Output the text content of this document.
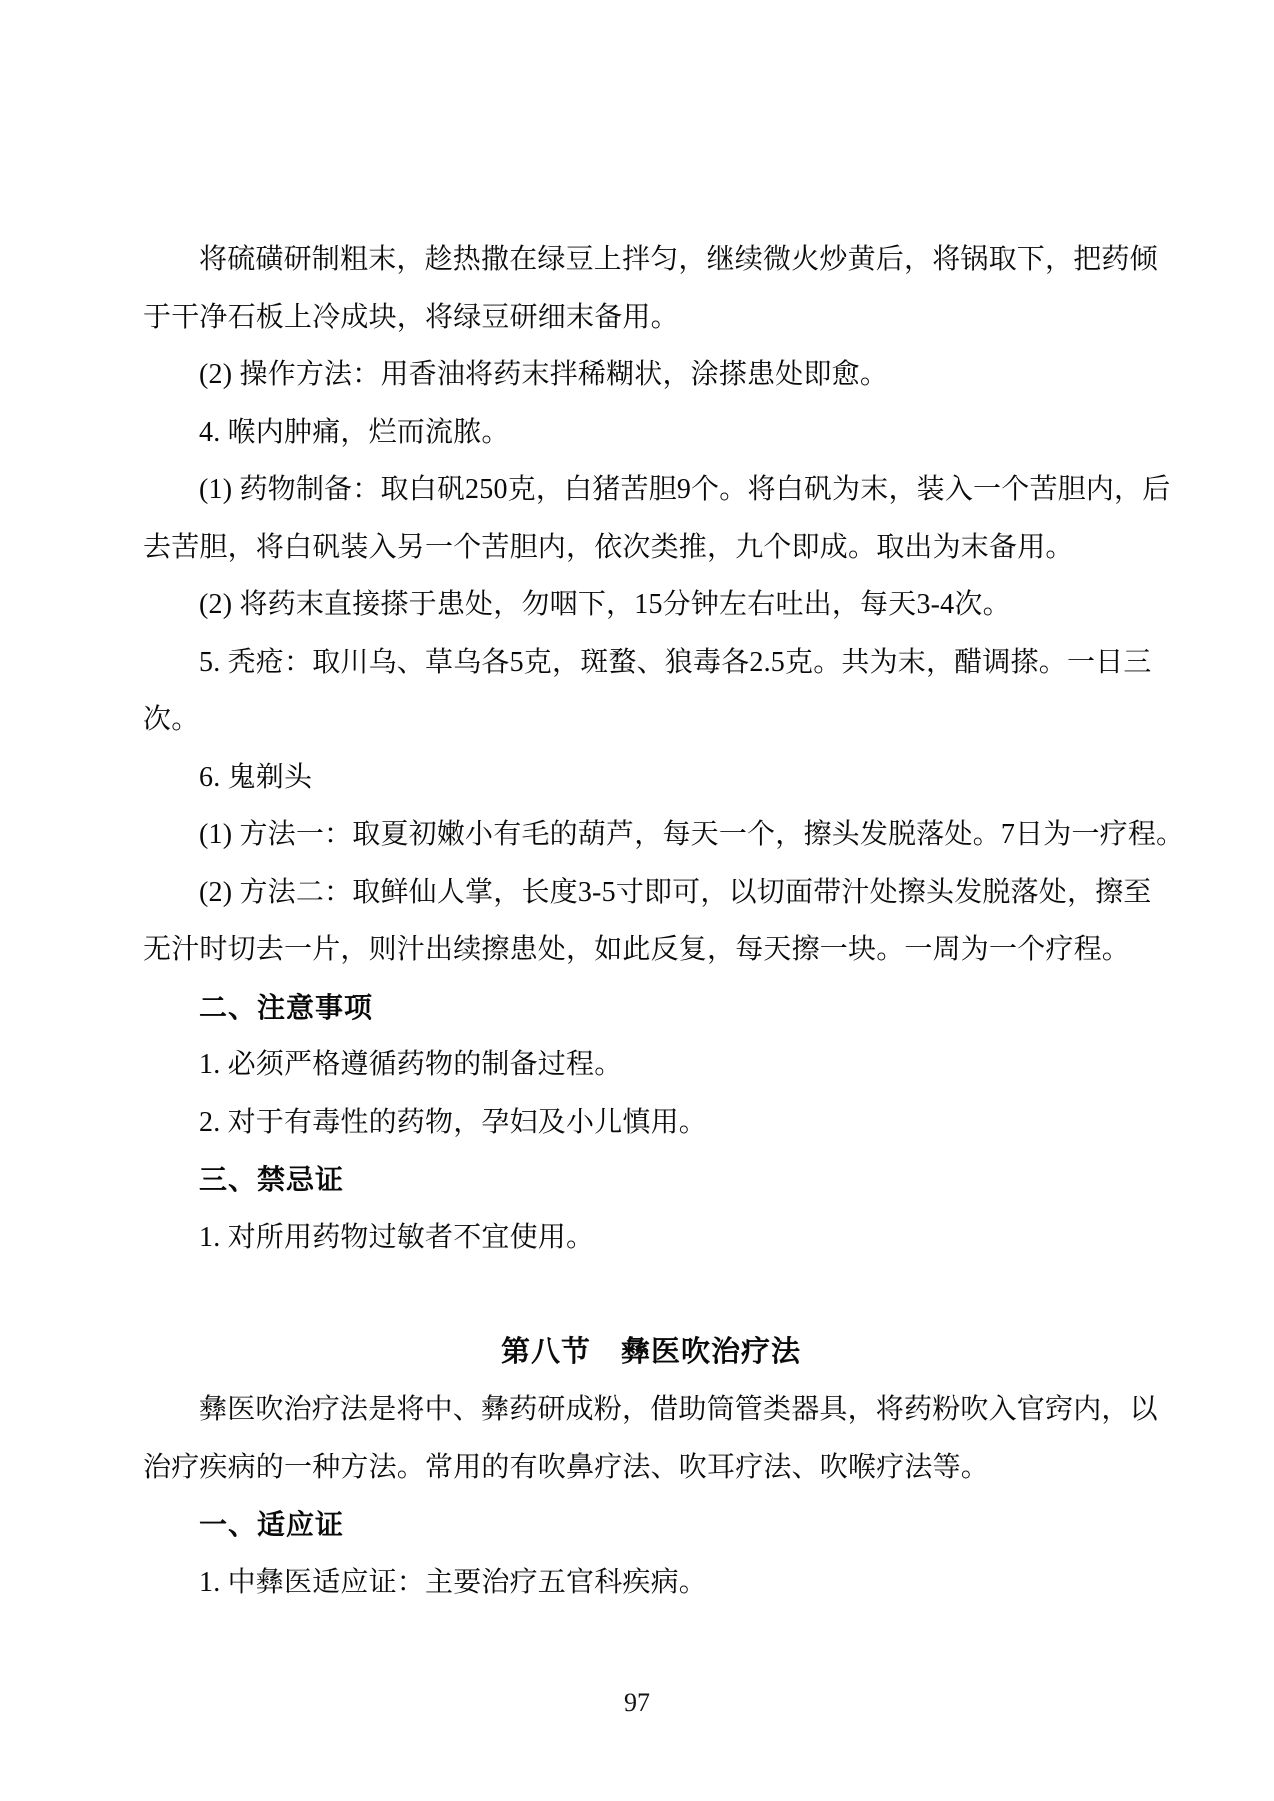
将硫磺研制粗末，趁热撒在绿豆上拌匀，继续微火炒黄后，将锅取下，把药倾
于干净石板上冷成块，将绿豆研细末备用。
(2) 操作方法：用香油将药末拌稀糊状，涂搽患处即愈。
4. 喉内肿痛，烂而流脓。
(1) 药物制备：取白矾250克，白猪苦胆9个。将白矾为末，装入一个苦胆内，后
去苦胆，将白矾装入另一个苦胆内，依次类推，九个即成。取出为末备用。
(2) 将药末直接搽于患处，勿咽下，15分钟左右吐出，每天3-4次。
5. 秃疮：取川乌、草乌各5克，斑蝥、狼毒各2.5克。共为末，醋调搽。一日三
次。
6. 鬼剃头
(1) 方法一：取夏初嫩小有毛的葫芦，每天一个，擦头发脱落处。7日为一疗程。
(2) 方法二：取鲜仙人掌，长度3-5寸即可，以切面带汁处擦头发脱落处，擦至
无汁时切去一片，则汁出续擦患处，如此反复，每天擦一块。一周为一个疗程。
二、注意事项
1. 必须严格遵循药物的制备过程。
2. 对于有毒性的药物，孕妇及小儿慎用。
三、禁忌证
1. 对所用药物过敏者不宜使用。
第八节　彝医吹治疗法
彝医吹治疗法是将中、彝药研成粉，借助筒管类器具，将药粉吹入官窍内，以
治疗疾病的一种方法。常用的有吹鼻疗法、吹耳疗法、吹喉疗法等。
一、适应证
1. 中彝医适应证：主要治疗五官科疾病。
97
